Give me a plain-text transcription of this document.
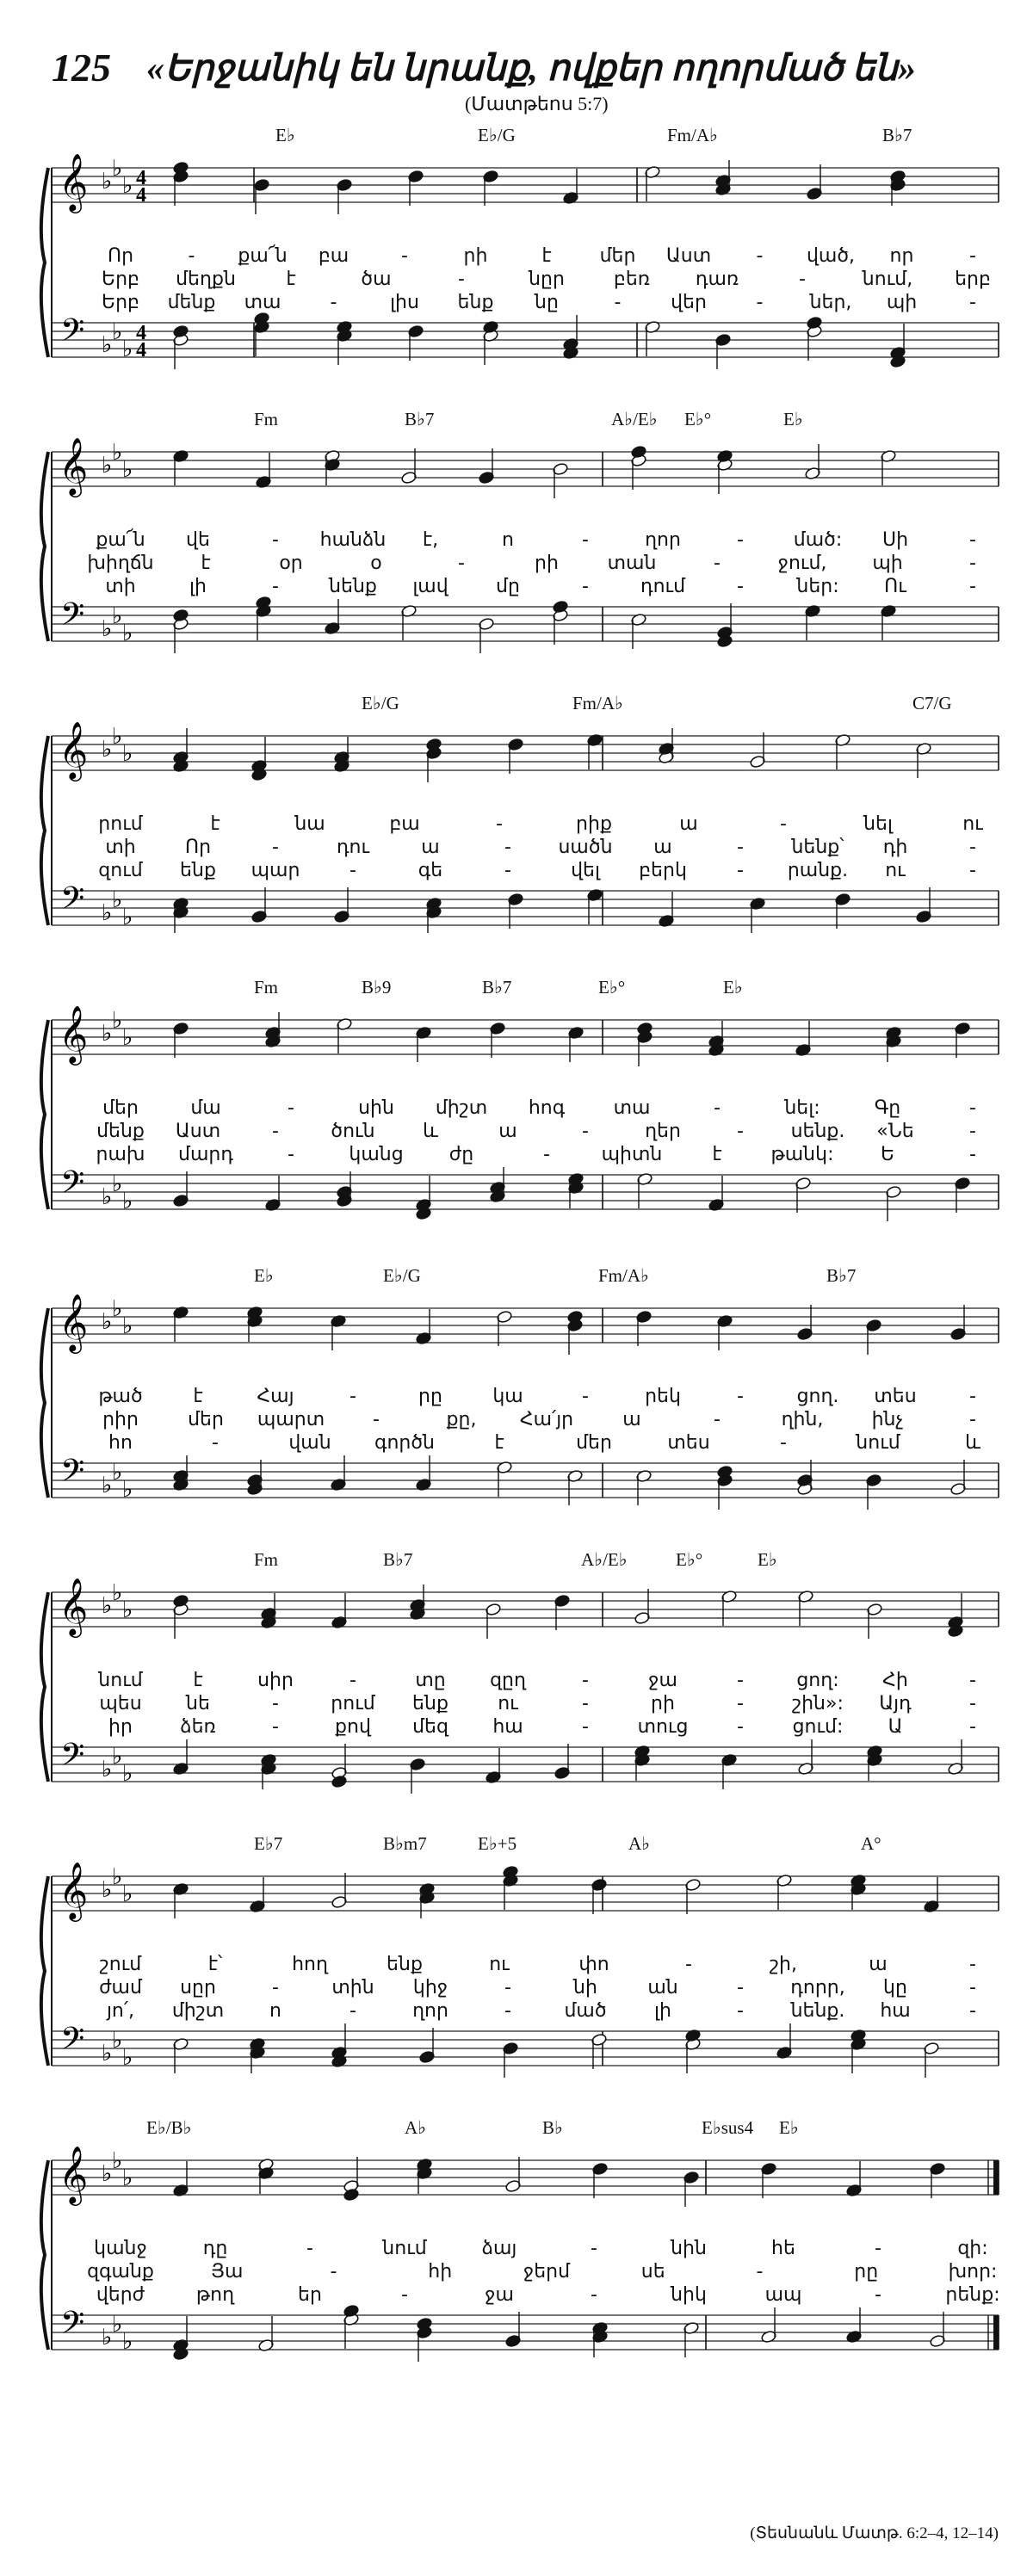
125 «Երջանիկ են նրանք, ովքեր ողորմած են»
(Մատթեոս 5:7)
𝄞
𝄢
♭ ♭
♭
♭ ♭
♭
4
4
4
4
E♭	E♭/G	Fm/A♭	B♭7
Որ	- քա՜ն բա	-	րի	է	մեր Աստ - ված, որ	-
Երբ մեղքն	է	ծա	-	նըր	բեռ դառ	-	նում, երբ
Երբ մենք տա	-	լիս ենք նը	-	վեր	- ներ, պի	-
𝄞
𝄢
♭ ♭
♭
♭ ♭
♭
Fm	B♭7	A♭/E♭ E♭°	E♭
քա՜ն վե	- հանձն է,	ո	-	ղոր	-	մած: Սի	-
խիղճն է	օր	օ	-	րի	տան	-	ջում, պի	-
տի	լի	-	նենք լավ	մը	-	դում	-	ներ: Ու	-
𝄞
𝄢
♭ ♭
♭
♭ ♭
♭
E♭/G	Fm/A♭	C7/G
րում	է	նա	բա	-	րիք	ա	-	նել	ու
տի	Որ	-	դու	ա	- սածն ա	-	նենք՝ դի	-
զում ենք պար	-	գե	-	վել բերկ	- րանք. ու	-
𝄞
𝄢
♭ ♭
♭
♭ ♭
♭
Fm	B♭9	B♭7	E♭°	E♭
մեր	մա	-	սին միշտ հոգ	տա	-	նել:	Գը	-
մենք Աստ	-	ծուն	և	ա	-	ղեր	- սենք. «Նե	-
րախ մարդ	-	կանց ժը	-	պիտն	է	թանկ: Ե	-
𝄞
𝄢
♭ ♭
♭
♭ ♭
♭
E♭	E♭/G	Fm/A♭	B♭7
թած	է	Հայ	-	րը	կա	-	րեկ	-	ցող. տես	-
րիր	մեր պարտ	-	քը, Հա՛յր	ա	-	ղին,	ինչ	-
հո	-	վան գործն	է	մեր	տես	-	նում	և
𝄞
𝄢
♭ ♭
♭
♭ ♭
♭
Fm	B♭7	A♭/E♭	E♭°	E♭
նում	է	սիր	-	տը զըղ	-	ջա	-	ցող: Հի	-
պես նե	-	րում ենք	ու	-	րի	-	շին»: Այդ	-
իր	ձեռ	-	քով մեզ հա	-	տուց	-	ցում: Ա	-
𝄞
𝄢
♭ ♭
♭
♭ ♭
♭
E♭7	B♭m7	E♭+5	A♭	A°
շում	է՝	հող	ենք	ու	փո	-	շի,	ա	-
ժամ սըր	-	տին կիջ	-	նի	ան	- դորր, կը	-
յո՛, միշտ ո	-	ղոր	-	մած	լի	- նենք. հա	-
𝄞
𝄢
♭ ♭
♭
♭ ♭
♭
E♭/B♭	A♭	B♭	E♭sus4 E♭
կանջ	դը	-	նում	ձայ	-	նին	հե	-	զի:
զգանք	Յա	-	հի	ջերմ	սե	-	րը	խոր:
վերժ	թող	եր	-	ջա	-	նիկ	ապ	-	րենք:
(Տեսնանև Մատթ. 6:2–4, 12–14)
